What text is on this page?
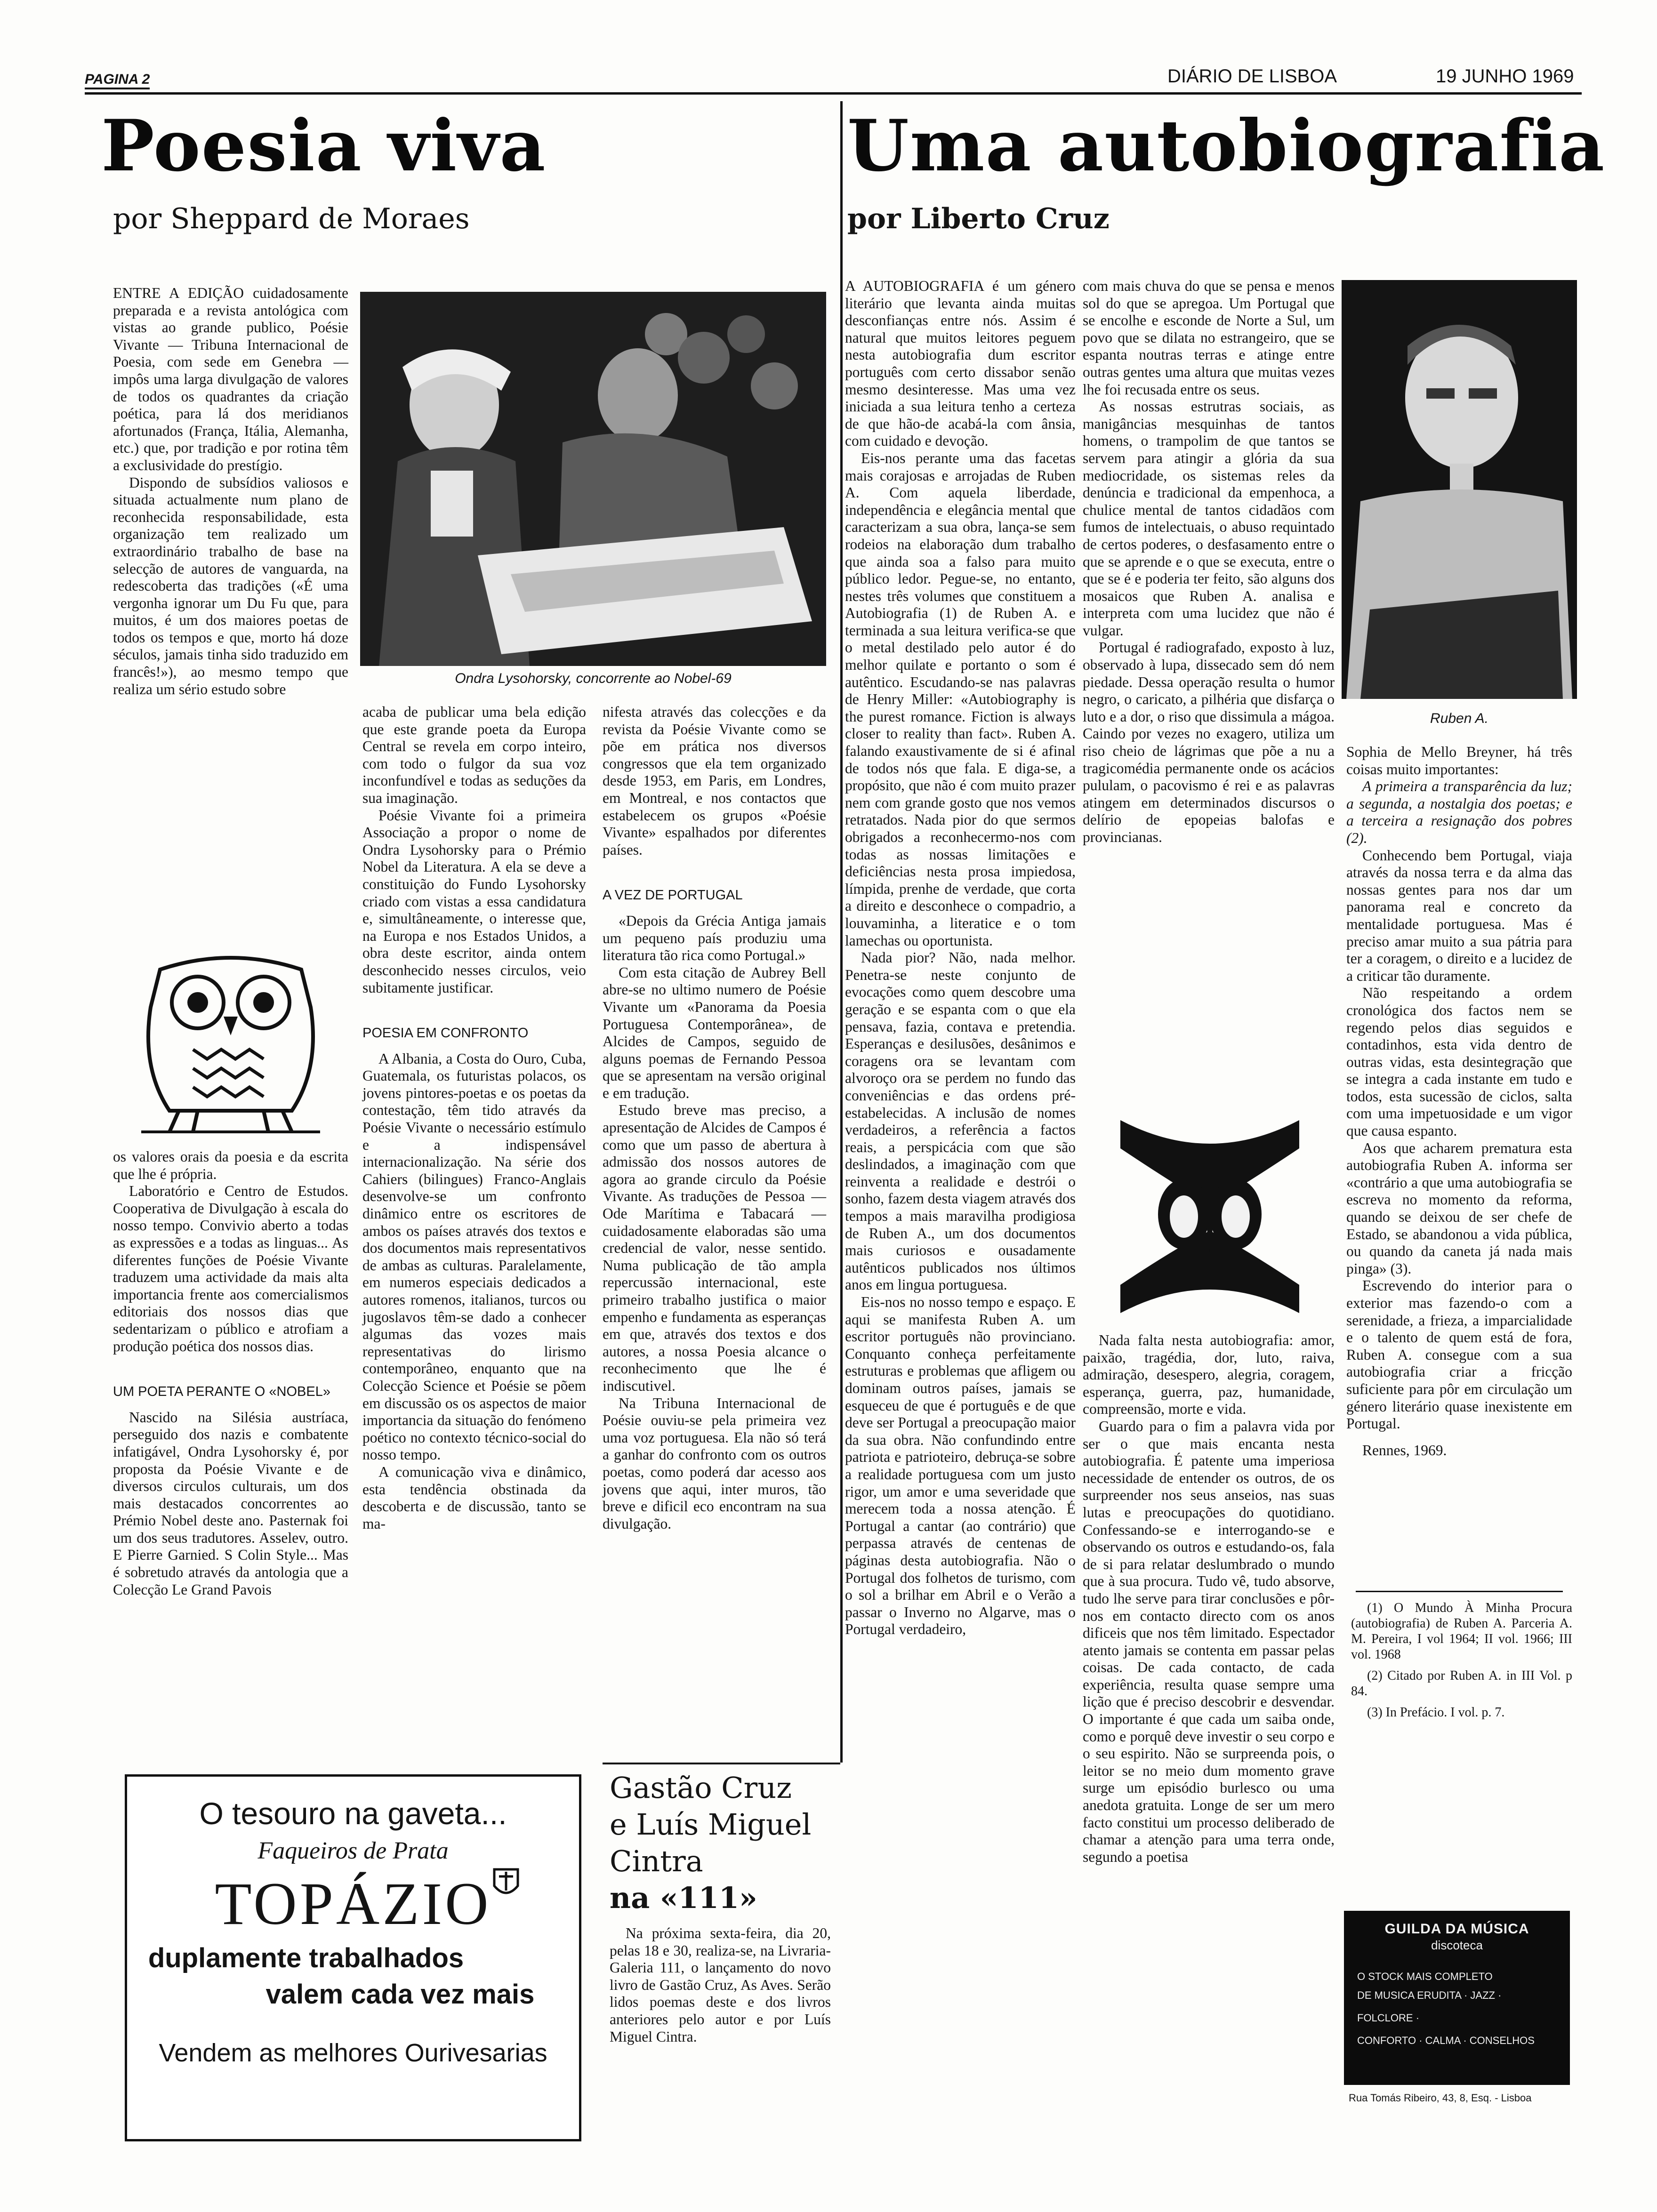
PAGINA 2	DIÁRIO DE LISBOA	19 JUNHO 1969
Poesia viva
por Sheppard de Moraes
Ondra Lysohorsky, concorrente ao Nobel-69

ENTRE A EDIÇÃO cuidadosamente preparada e a revista antológica com vistas ao grande publico, Poésie Vivante — Tribuna Internacional de Poesia, com sede em Genebra — impôs uma larga divulgação de valores de todos os quadrantes da criação poética, para lá dos meridianos afortunados (França, Itália, Alemanha, etc.) que, por tradição e por rotina têm a exclusividade do prestígio.

Dispondo de subsídios valiosos e situada actualmente num plano de reconhecida responsabilidade, esta organização tem realizado um extraordinário trabalho de base na selecção de autores de vanguarda, na redescoberta das tradições («É uma vergonha ignorar um Du Fu que, para muitos, é um dos maiores poetas de todos os tempos e que, morto há doze séculos, jamais tinha sido traduzido em francês!»), ao mesmo tempo que realiza um sério estudo sobre

os valores orais da poesia e da escrita que lhe é própria.

Laboratório e Centro de Estudos. Cooperativa de Divulgação à escala do nosso tempo. Convivio aberto a todas as expressões e a todas as linguas... As diferentes funções de Poésie Vivante traduzem uma actividade da mais alta importancia frente aos comercialismos editoriais dos nossos dias que sedentarizam o público e atrofiam a produção poética dos nossos dias.

UM POETA PERANTE O «NOBEL»

Nascido na Silésia austríaca, perseguido dos nazis e combatente infatigável, Ondra Lysohorsky é, por proposta da Poésie Vivante e de diversos circulos culturais, um dos mais destacados concorrentes ao Prémio Nobel deste ano. Pasternak foi um dos seus tradutores. Asselev, outro. E Pierre Garnied. S Colin Style... Mas é sobretudo através da antologia que a Colecção Le Grand Pavois

acaba de publicar uma bela edição que este grande poeta da Europa Central se revela em corpo inteiro, com todo o fulgor da sua voz inconfundível e todas as seduções da sua imaginação.

Poésie Vivante foi a primeira Associação a propor o nome de Ondra Lysohorsky para o Prémio Nobel da Literatura. A ela se deve a constituição do Fundo Lysohorsky criado com vistas a essa candidatura e, simultâneamente, o interesse que, na Europa e nos Estados Unidos, a obra deste escritor, ainda ontem desconhecido nesses circulos, veio subitamente justificar.

POESIA EM CONFRONTO

A Albania, a Costa do Ouro, Cuba, Guatemala, os futuristas polacos, os jovens pintores-poetas e os poetas da contestação, têm tido através da Poésie Vivante o necessário estímulo e a indispensável internacionalização. Na série dos Cahiers (bilingues) Franco-Anglais desenvolve-se um confronto dinâmico entre os escritores de ambos os países através dos textos e dos documentos mais representativos de ambas as culturas. Paralelamente, em numeros especiais dedicados a autores romenos, italianos, turcos ou jugoslavos têm-se dado a conhecer algumas das vozes mais representativas do lirismo contemporâneo, enquanto que na Colecção Science et Poésie se põem em discussão os os aspectos de maior importancia da situação do fenómeno poético no contexto técnico-social do nosso tempo.

A comunicação viva e dinâmico, esta tendência obstinada da descoberta e de discussão, tanto se ma-

nifesta através das colecções e da revista da Poésie Vivante como se põe em prática nos diversos congressos que ela tem organizado desde 1953, em Paris, em Londres, em Montreal, e nos contactos que estabelecem os grupos «Poésie Vivante» espalhados por diferentes países.

A VEZ DE PORTUGAL

«Depois da Grécia Antiga jamais um pequeno país produziu uma literatura tão rica como Portugal.»

Com esta citação de Aubrey Bell abre-se no ultimo numero de Poésie Vivante um «Panorama da Poesia Portuguesa Contemporânea», de Alcides de Campos, seguido de alguns poemas de Fernando Pessoa que se apresentam na versão original e em tradução.

Estudo breve mas preciso, a apresentação de Alcides de Campos é como que um passo de abertura à admissão dos nossos autores de agora ao grande circulo da Poésie Vivante. As traduções de Pessoa — Ode Marítima e Tabacará — cuidadosamente elaboradas são uma credencial de valor, nesse sentido. Numa publicação de tão ampla repercussão internacional, este primeiro trabalho justifica o maior empenho e fundamenta as esperanças em que, através dos textos e dos autores, a nossa Poesia alcance o reconhecimento que lhe é indiscutivel.

Na Tribuna Internacional de Poésie ouviu-se pela primeira vez uma voz portuguesa. Ela não só terá a ganhar do confronto com os outros poetas, como poderá dar acesso aos jovens que aqui, inter muros, tão breve e dificil eco encontram na sua divulgação.

Uma autobiografia
por Liberto Cruz

A AUTOBIOGRAFIA é um género literário que levanta ainda muitas desconfianças entre nós. Assim é natural que muitos leitores peguem nesta autobiografia dum escritor português com certo dissabor senão mesmo desinteresse. Mas uma vez iniciada a sua leitura tenho a certeza de que hão-de acabá-la com ânsia, com cuidado e devoção.

Eis-nos perante uma das facetas mais corajosas e arrojadas de Ruben A. Com aquela liberdade, independência e elegância mental que caracterizam a sua obra, lança-se sem rodeios na elaboração dum trabalho que ainda soa a falso para muito público ledor. Pegue-se, no entanto, nestes três volumes que constituem a Autobiografia (1) de Ruben A. e terminada a sua leitura verifica-se que o metal destilado pelo autor é do melhor quilate e portanto o som é autêntico. Escudando-se nas palavras de Henry Miller: «Autobiography is the purest romance. Fiction is always closer to reality than fact». Ruben A. falando exaustivamente de si é afinal de todos nós que fala. E diga-se, a propósito, que não é com muito prazer nem com grande gosto que nos vemos retratados. Nada pior do que sermos obrigados a reconhecermo-nos com todas as nossas limitações e deficiências nesta prosa impiedosa, límpida, prenhe de verdade, que corta a direito e desconhece o compadrio, a louvaminha, a literatice e o tom lamechas ou oportunista.

Nada pior? Não, nada melhor. Penetra-se neste conjunto de evocações como quem descobre uma geração e se espanta com o que ela pensava, fazia, contava e pretendia. Esperanças e desilusões, desânimos e coragens ora se levantam com alvoroço ora se perdem no fundo das conveniências e das ordens pré-estabelecidas. A inclusão de nomes verdadeiros, a referência a factos reais, a perspicácia com que são deslindados, a imaginação com que reinventa a realidade e destrói o sonho, fazem desta viagem através dos tempos a mais maravilha prodigiosa de Ruben A., um dos documentos mais curiosos e ousadamente autênticos publicados nos últimos anos em lingua portuguesa.

Eis-nos no nosso tempo e espaço. E aqui se manifesta Ruben A. um escritor português não provinciano. Conquanto conheça perfeitamente estruturas e problemas que afligem ou dominam outros países, jamais se esqueceu de que é português e de que deve ser Portugal a preocupação maior da sua obra. Não confundindo entre patriota e patrioteiro, debruça-se sobre a realidade portuguesa com um justo rigor, um amor e uma severidade que merecem toda a nossa atenção. É Portugal a cantar (ao contrário) que perpassa através de centenas de páginas desta autobiografia. Não o Portugal dos folhetos de turismo, com o sol a brilhar em Abril e o Verão a passar o Inverno no Algarve, mas o Portugal verdadeiro,

com mais chuva do que se pensa e menos sol do que se apregoa. Um Portugal que se encolhe e esconde de Norte a Sul, um povo que se dilata no estrangeiro, que se espanta noutras terras e atinge entre outras gentes uma altura que muitas vezes lhe foi recusada entre os seus.

As nossas estrutras sociais, as manigâncias mesquinhas de tantos homens, o trampolim de que tantos se servem para atingir a glória da sua mediocridade, os sistemas reles da denúncia e tradicional da empenhoca, a chulice mental de tantos cidadãos com fumos de intelectuais, o abuso requintado de certos poderes, o desfasamento entre o que se aprende e o que se executa, entre o que se é e poderia ter feito, são alguns dos mosaicos que Ruben A. analisa e interpreta com uma lucidez que não é vulgar.

Portugal é radiografado, exposto à luz, observado à lupa, dissecado sem dó nem piedade. Dessa operação resulta o humor negro, o caricato, a pilhéria que disfarça o luto e a dor, o riso que dissimula a mágoa. Caindo por vezes no exagero, utiliza um riso cheio de lágrimas que põe a nu a tragicomédia permanente onde os acácios pululam, o pacovismo é rei e as palavras atingem em determinados discursos o delírio de epopeias balofas e provincianas.

Nada falta nesta autobiografia: amor, paixão, tragédia, dor, luto, raiva, admiração, desespero, alegria, coragem, esperança, guerra, paz, humanidade, compreensão, morte e vida.

Guardo para o fim a palavra vida por ser o que mais encanta nesta autobiografia. É patente uma imperiosa necessidade de entender os outros, de os surpreender nos seus anseios, nas suas lutas e preocupações do quotidiano. Confessando-se e interrogando-se e observando os outros e estudando-os, fala de si para relatar deslumbrado o mundo que à sua procura. Tudo vê, tudo absorve, tudo lhe serve para tirar conclusões e pôr-nos em contacto directo com os anos dificeis que nos têm limitado. Espectador atento jamais se contenta em passar pelas coisas. De cada contacto, de cada experiência, resulta quase sempre uma lição que é preciso descobrir e desvendar. O importante é que cada um saiba onde, como e porquê deve investir o seu corpo e o seu espirito. Não se surpreenda pois, o leitor se no meio dum momento grave surge um episódio burlesco ou uma anedota gratuita. Longe de ser um mero facto constitui um processo deliberado de chamar a atenção para uma terra onde, segundo a poetisa

Ruben A.

Sophia de Mello Breyner, há três coisas muito importantes:

A primeira a transparência da luz; a segunda, a nostalgia dos poetas; e a terceira a resignação dos pobres (2).

Conhecendo bem Portugal, viaja através da nossa terra e da alma das nossas gentes para nos dar um panorama real e concreto da mentalidade portuguesa. Mas é preciso amar muito a sua pátria para ter a coragem, o direito e a lucidez de a criticar tão duramente.

Não respeitando a ordem cronológica dos factos nem se regendo pelos dias seguidos e contadinhos, esta vida dentro de outras vidas, esta desintegração que se integra a cada instante em tudo e todos, esta sucessão de ciclos, salta com uma impetuosidade e um vigor que causa espanto.

Aos que acharem prematura esta autobiografia Ruben A. informa ser «contrário a que uma autobiografia se escreva no momento da reforma, quando se deixou de ser chefe de Estado, se abandonou a vida pública, ou quando da caneta já nada mais pinga» (3).

Escrevendo do interior para o exterior mas fazendo-o com a serenidade, a frieza, a imparcialidade e o talento de quem está de fora, Ruben A. consegue com a sua autobiografia criar a fricção suficiente para pôr em circulação um género literário quase inexistente em Portugal.

Rennes, 1969.

(1) O Mundo À Minha Procura (autobiografia) de Ruben A. Parceria A. M. Pereira, I vol 1964; II vol. 1966; III vol. 1968

(2) Citado por Ruben A. in III Vol. p 84.

(3) In Prefácio. I vol. p. 7.

Gastão Cruz
e Luís Miguel
Cintra
na «111»

Na próxima sexta-feira, dia 20, pelas 18 e 30, realiza-se, na Livraria-Galeria 111, o lançamento do novo livro de Gastão Cruz, As Aves. Serão lidos poemas deste e dos livros anteriores pelo autor e por Luís Miguel Cintra.

O tesouro na gaveta...
Faqueiros de Prata
TOPÁZIO
duplamente trabalhados
valem cada vez mais
Vendem as melhores Ourivesarias
GUILDA DA MÚSICA
discoteca
O STOCK MAIS COMPLETO
DE MUSICA ERUDITA · JAZZ ·
FOLCLORE ·
CONFORTO · CALMA · CONSELHOS
Rua Tomás Ribeiro, 43, 8, Esq. - Lisboa
